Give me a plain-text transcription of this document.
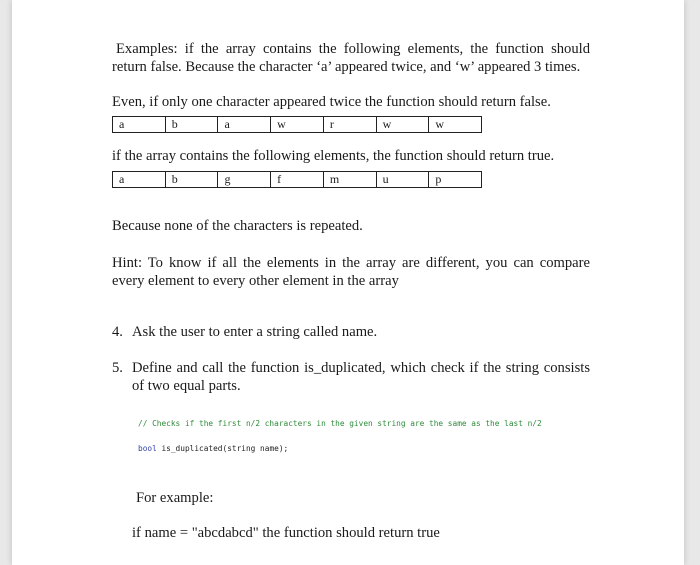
Examples: if the array contains the following elements, the function should return false. Because the character ‘a’ appeared twice, and ‘w’ appeared 3 times.

Even, if only one character appeared twice the function should return false.

a	b	a	w	r	w	w

if the array contains the following elements, the function should return true.

a	b	g	f	m	u	p

Because none of the characters is repeated.

Hint: To know if all the elements in the array are different, you can compare every element to every other element in the array

4. Ask the user to enter a string called name.

5. Define and call the function is_duplicated, which check if the string consists of two equal parts.

// Checks if the first n/2 characters in the given string are the same as the last n/2
bool is_duplicated(string name);

For example:

if name = "abcdabcd" the function should return true
